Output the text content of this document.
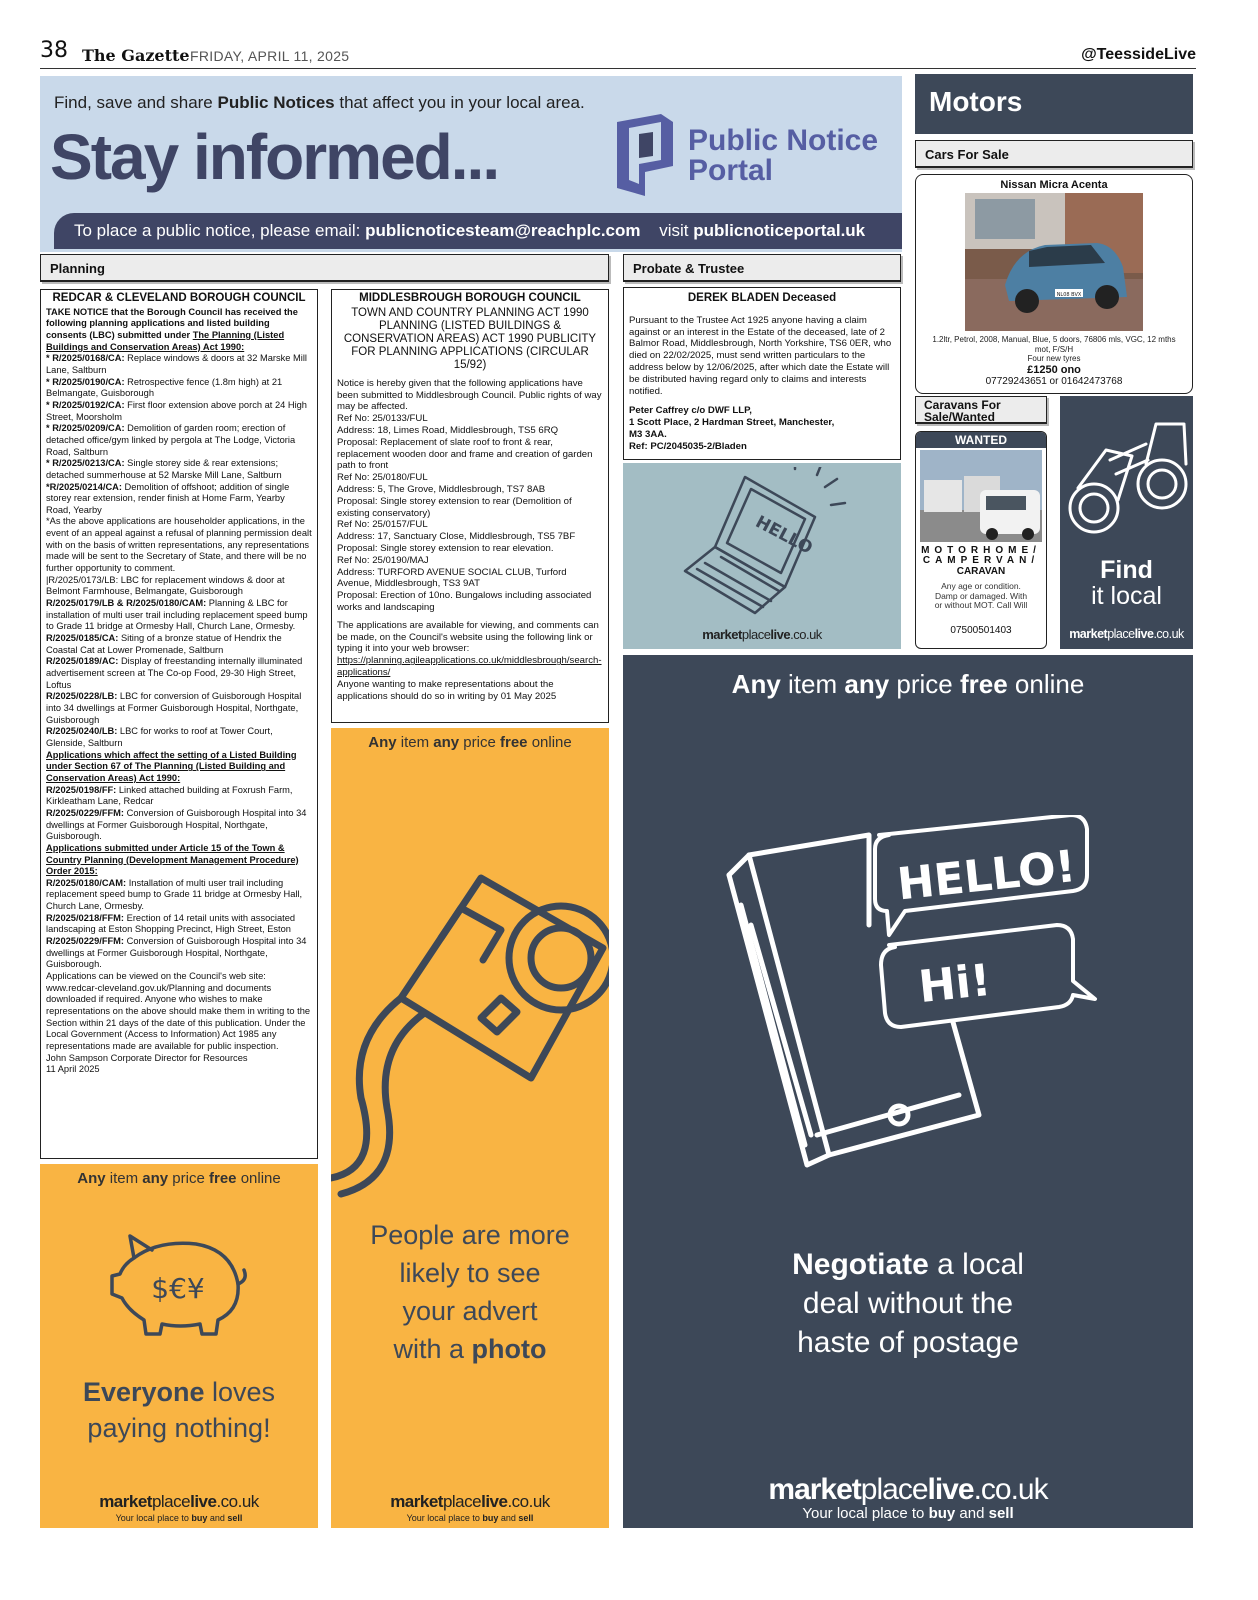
38 The Gazette FRIDAY, APRIL 11, 2025	@TeessideLive
Find, save and share Public Notices that affect you in your local area.
Stay informed...	Public Notice
Portal
To place a public notice, please email: publicnoticesteam@reachplc.com visit publicnoticeportal.uk
Planning	Probate & Trustee
REDCAR & CLEVELAND BOROUGH COUNCIL

TAKE NOTICE that the Borough Council has received the following planning applications and listed building consents (LBC) submitted under The Planning (Listed Buildings and Conservation Areas) Act 1990:

* R/2025/0168/CA: Replace windows & doors at 32 Marske Mill Lane, Saltburn

* R/2025/0190/CA: Retrospective fence (1.8m high) at 21 Belmangate, Guisborough

* R/2025/0192/CA: First floor extension above porch at 24 High Street, Moorsholm

* R/2025/0209/CA: Demolition of garden room; erection of detached office/gym linked by pergola at The Lodge, Victoria Road, Saltburn

* R/2025/0213/CA: Single storey side & rear extensions; detached summerhouse at 52 Marske Mill Lane, Saltburn

*R/2025/0214/CA: Demolition of offshoot; addition of single storey rear extension, render finish at Home Farm, Yearby Road, Yearby

*As the above applications are householder applications, in the event of an appeal against a refusal of planning permission dealt with on the basis of written representations, any representations made will be sent to the Secretary of State, and there will be no further opportunity to comment.

|R/2025/0173/LB: LBC for replacement windows & door at Belmont Farmhouse, Belmangate, Guisborough

R/2025/0179/LB & R/2025/0180/CAM: Planning & LBC for installation of multi user trail including replacement speed bump to Grade 11 bridge at Ormesby Hall, Church Lane, Ormesby.

R/2025/0185/CA: Siting of a bronze statue of Hendrix the Coastal Cat at Lower Promenade, Saltburn

R/2025/0189/AC: Display of freestanding internally illuminated advertisement screen at The Co-op Food, 29-30 High Street, Loftus

R/2025/0228/LB: LBC for conversion of Guisborough Hospital into 34 dwellings at Former Guisborough Hospital, Northgate, Guisborough

R/2025/0240/LB: LBC for works to roof at Tower Court, Glenside, Saltburn

Applications which affect the setting of a Listed Building under Section 67 of The Planning (Listed Building and Conservation Areas) Act 1990:

R/2025/0198/FF: Linked attached building at Foxrush Farm, Kirkleatham Lane, Redcar

R/2025/0229/FFM: Conversion of Guisborough Hospital into 34 dwellings at Former Guisborough Hospital, Northgate, Guisborough.

Applications submitted under Article 15 of the Town & Country Planning (Development Management Procedure) Order 2015:

R/2025/0180/CAM: Installation of multi user trail including replacement speed bump to Grade 11 bridge at Ormesby Hall, Church Lane, Ormesby.

R/2025/0218/FFM: Erection of 14 retail units with associated landscaping at Eston Shopping Precinct, High Street, Eston

R/2025/0229/FFM: Conversion of Guisborough Hospital into 34 dwellings at Former Guisborough Hospital, Northgate, Guisborough.

Applications can be viewed on the Council's web site: www.redcar-cleveland.gov.uk/Planning and documents downloaded if required. Anyone who wishes to make representations on the above should make them in writing to the Section within 21 days of the date of this publication. Under the Local Government (Access to Information) Act 1985 any representations made are available for public inspection.

John Sampson Corporate Director for Resources

11 April 2025

MIDDLESBROUGH BOROUGH COUNCIL
TOWN AND COUNTRY PLANNING ACT 1990 PLANNING (LISTED BUILDINGS & CONSERVATION AREAS) ACT 1990 PUBLICITY FOR PLANNING APPLICATIONS (CIRCULAR 15/92)

Notice is hereby given that the following applications have been submitted to Middlesbrough Council. Public rights of way may be affected.

Ref No: 25/0133/FUL

Address: 18, Limes Road, Middlesbrough, TS5 6RQ

Proposal: Replacement of slate roof to front & rear, replacement wooden door and frame and creation of garden path to front

Ref No: 25/0180/FUL

Address: 5, The Grove, Middlesbrough, TS7 8AB

Proposal: Single storey extension to rear (Demolition of existing conservatory)

Ref No: 25/0157/FUL

Address: 17, Sanctuary Close, Middlesbrough, TS5 7BF

Proposal: Single storey extension to rear elevation.

Ref No: 25/0190/MAJ

Address: TURFORD AVENUE SOCIAL CLUB, Turford Avenue, Middlesbrough, TS3 9AT

Proposal: Erection of 10no. Bungalows including associated works and landscaping

The applications are available for viewing, and comments can be made, on the Council's website using the following link or typing it into your web browser:

https://planning.agileapplications.co.uk/middlesbrough/search-applications/

Anyone wanting to make representations about the applications should do so in writing by 01 May 2025

DEREK BLADEN Deceased

Pursuant to the Trustee Act 1925 anyone having a claim against or an interest in the Estate of the deceased, late of 2 Balmor Road, Middlesbrough, North Yorkshire, TS6 0ER, who died on 22/02/2025, must send written particulars to the address below by 12/06/2025, after which date the Estate will be distributed having regard only to claims and interests notified.

Peter Caffrey c/o DWF LLP,

1 Scott Place, 2 Hardman Street, Manchester,

M3 3AA.

Ref: PC/2045035-2/Bladen

HELLO
marketplacelive.co.uk
Motors
Cars For Sale
Nissan Micra Acenta
NL08 BVX
1.2ltr, Petrol, 2008, Manual, Blue, 5 doors, 76806 mls, VGC, 12 mths mot, F/S/H
Four new tyres
£1250 ono
07729243651 or 01642473768
Caravans For Sale/Wanted
WANTED
MOTORHOME/
CAMPERVAN/
CARAVAN
Any age or condition. Damp or damaged. With or without MOT. Call Will
07500501403
Find
it local
marketplacelive.co.uk
Any item any price free online
HELLO!
Hi!
Negotiate a local
deal without the
haste of postage
marketplacelive.co.uk
Your local place to buy and sell
Any item any price free online
People are more
likely to see
your advert
with a photo
marketplacelive.co.uk
Your local place to buy and sell
Any item any price free online
$€¥
Everyone loves
paying nothing!
marketplacelive.co.uk
Your local place to buy and sell
